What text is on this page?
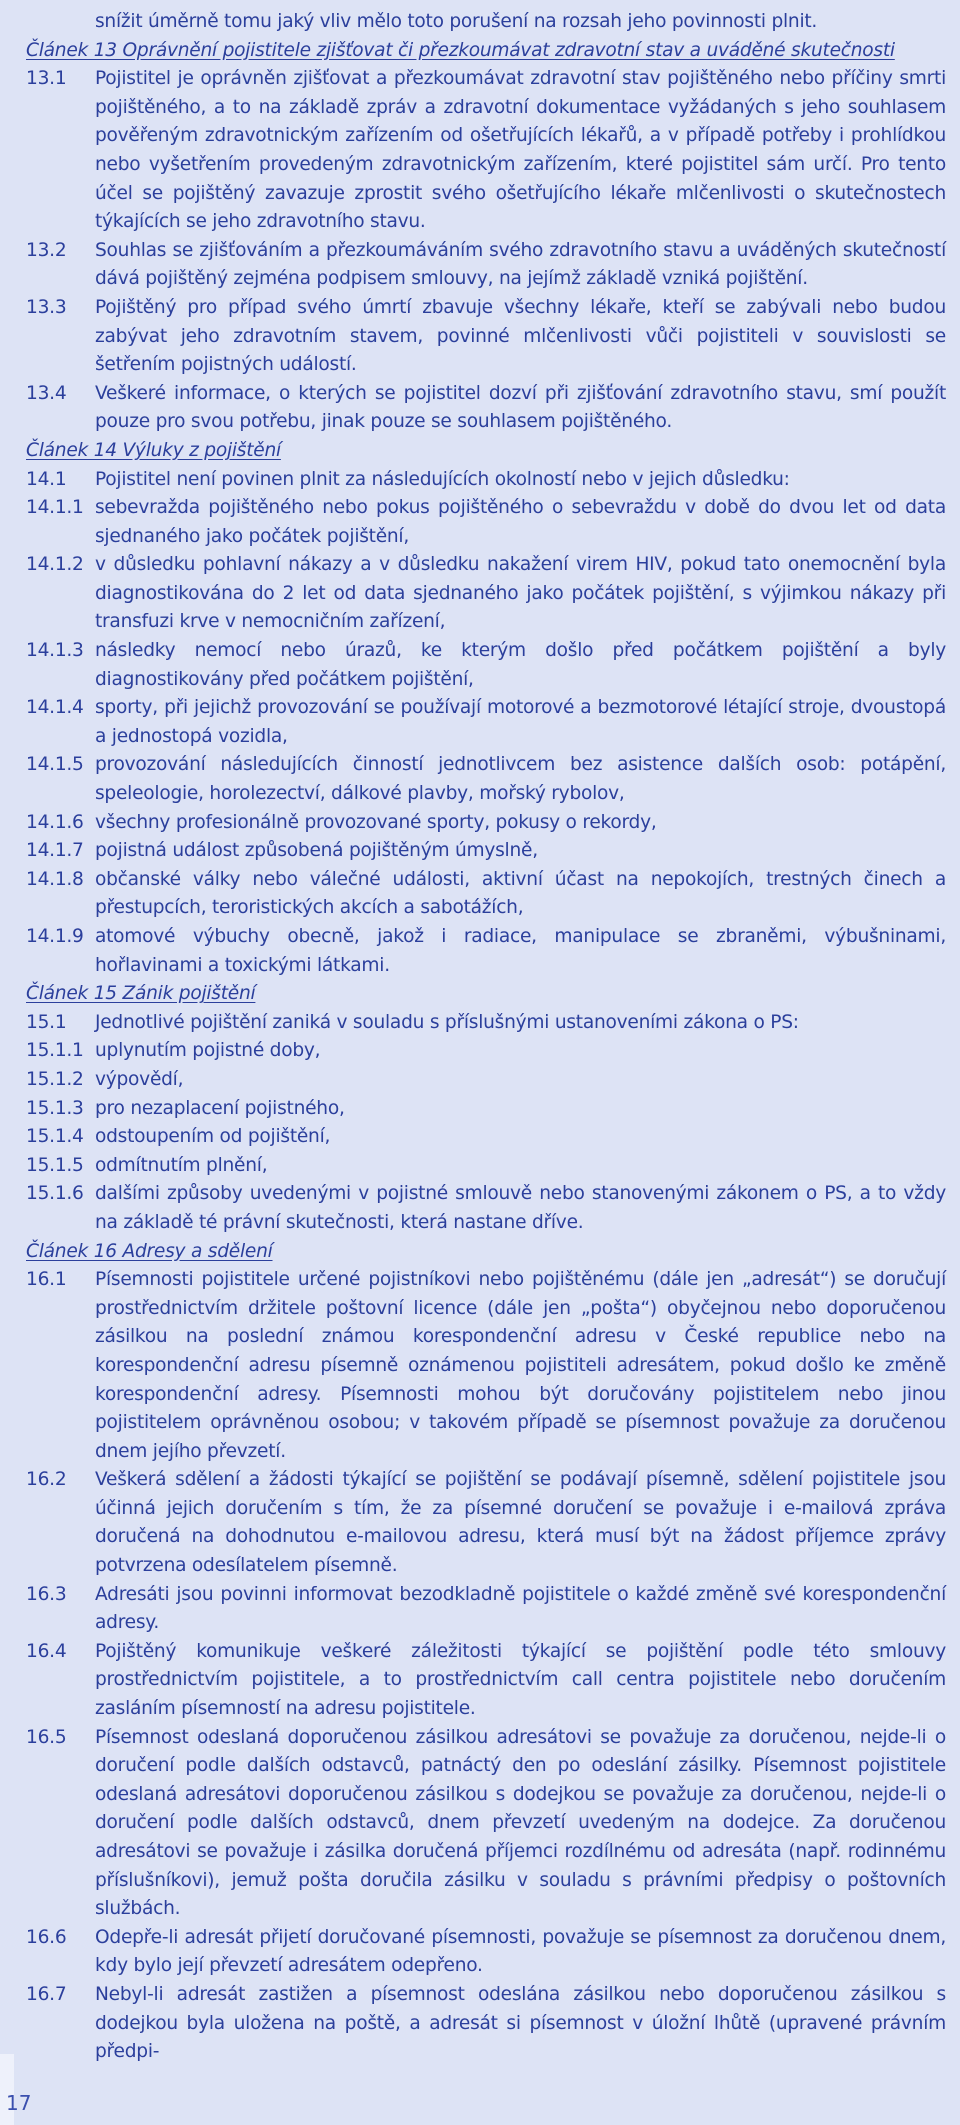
17
snížit úměrně tomu jaký vliv mělo toto porušení na rozsah jeho povinnosti plnit.
Článek 13 Oprávnění pojistitele zjišťovat či přezkoumávat zdravotní stav a uváděné skutečnosti
13.1	Pojistitel je oprávněn zjišťovat a přezkoumávat zdravotní stav pojištěného nebo příčiny smrti pojištěného, a to na základě zpráv a zdravotní dokumentace vyžádaných s jeho souhlasem pověřeným zdravotnickým zařízením od ošetřujících lékařů, a v případě potřeby i prohlídkou nebo vyšetřením provedeným zdravotnickým zařízením, které pojistitel sám určí. Pro tento účel se pojištěný zavazuje zprostit svého ošetřujícího lékaře mlčenlivosti o skutečnostech týkajících se jeho zdravotního stavu.
13.2	Souhlas se zjišťováním a přezkoumáváním svého zdravotního stavu a uváděných skutečností dává pojištěný zejména podpisem smlouvy, na jejímž základě vzniká pojištění.
13.3	Pojištěný pro případ svého úmrtí zbavuje všechny lékaře, kteří se zabývali nebo budou zabývat jeho zdravotním stavem, povinné mlčenlivosti vůči pojistiteli v souvislosti se šetřením pojistných událostí.
13.4	Veškeré informace, o kterých se pojistitel dozví při zjišťování zdravotního stavu, smí použít pouze pro svou potřebu, jinak pouze se souhlasem pojištěného.
Článek 14 Výluky z pojištění
14.1	Pojistitel není povinen plnit za následujících okolností nebo v jejich důsledku:
14.1.1 sebevražda pojištěného nebo pokus pojištěného o sebevraždu v době do dvou let od data sjednaného jako počátek pojištění,
14.1.2 v důsledku pohlavní nákazy a v důsledku nakažení virem HIV, pokud tato onemocnění byla diagnostikována do 2 let od data sjednaného jako počátek pojištění, s výjimkou nákazy při transfuzi krve v nemocničním zařízení,
14.1.3 následky nemocí nebo úrazů, ke kterým došlo před počátkem pojištění a byly diagnostikovány před počátkem pojištění,
14.1.4 sporty, při jejichž provozování se používají motorové a bezmotorové létající stroje, dvoustopá a jednostopá vozidla,
14.1.5 provozování následujících činností jednotlivcem bez asistence dalších osob: potápění, speleologie, horolezectví, dálkové plavby, mořský rybolov,
14.1.6 všechny profesionálně provozované sporty, pokusy o rekordy,
14.1.7 pojistná událost způsobená pojištěným úmyslně,
14.1.8 občanské války nebo válečné události, aktivní účast na nepokojích, trestných činech a přestupcích, teroristických akcích a sabotážích,
14.1.9 atomové výbuchy obecně, jakož i radiace, manipulace se zbraněmi, výbušninami, hořlavinami a toxickými látkami.
Článek 15 Zánik pojištění
15.1	Jednotlivé pojištění zaniká v souladu s příslušnými ustanoveními zákona o PS:
15.1.1 uplynutím pojistné doby,
15.1.2 výpovědí,
15.1.3 pro nezaplacení pojistného,
15.1.4 odstoupením od pojištění,
15.1.5 odmítnutím plnění,
15.1.6 dalšími způsoby uvedenými v pojistné smlouvě nebo stanovenými zákonem o PS, a to vždy na základě té právní skutečnosti, která nastane dříve.
Článek 16 Adresy a sdělení
16.1	Písemnosti pojistitele určené pojistníkovi nebo pojištěnému (dále jen „adresát“) se doručují prostřednictvím držitele poštovní licence (dále jen „pošta“) obyčejnou nebo doporučenou zásilkou na poslední známou korespondenční adresu v České republice nebo na korespondenční adresu písemně oznámenou pojistiteli adresátem, pokud došlo ke změně korespondenční adresy. Písemnosti mohou být doručovány pojistitelem nebo jinou pojistitelem oprávněnou osobou; v takovém případě se písemnost považuje za doručenou dnem jejího převzetí.
16.2	Veškerá sdělení a žádosti týkající se pojištění se podávají písemně, sdělení pojistitele jsou účinná jejich doručením s tím, že za písemné doručení se považuje i e-mailová zpráva doručená na dohodnutou e-mailovou adresu, která musí být na žádost příjemce zprávy potvrzena odesílatelem písemně.
16.3	Adresáti jsou povinni informovat bezodkladně pojistitele o každé změně své korespondenční adresy.
16.4	Pojištěný komunikuje veškeré záležitosti týkající se pojištění podle této smlouvy prostřednictvím pojistitele, a to prostřednictvím call centra pojistitele nebo doručením zasláním písemností na adresu pojistitele.
16.5	Písemnost odeslaná doporučenou zásilkou adresátovi se považuje za doručenou, nejde-li o doručení podle dalších odstavců, patnáctý den po odeslání zásilky. Písemnost pojistitele odeslaná adresátovi doporučenou zásilkou s dodejkou se považuje za doručenou, nejde-li o doručení podle dalších odstavců, dnem převzetí uvedeným na dodejce. Za doručenou adresátovi se považuje i zásilka doručená příjemci rozdílnému od adresáta (např. rodinnému příslušníkovi), jemuž pošta doručila zásilku v souladu s právními předpisy o poštovních službách.
16.6	Odepře-li adresát přijetí doručované písemnosti, považuje se písemnost za doručenou dnem, kdy bylo její převzetí adresátem odepřeno.
16.7	Nebyl-li adresát zastižen a písemnost odeslána zásilkou nebo doporučenou zásilkou s dodejkou byla uložena na poště, a adresát si písemnost v úložní lhůtě (upravené právním předpi-
